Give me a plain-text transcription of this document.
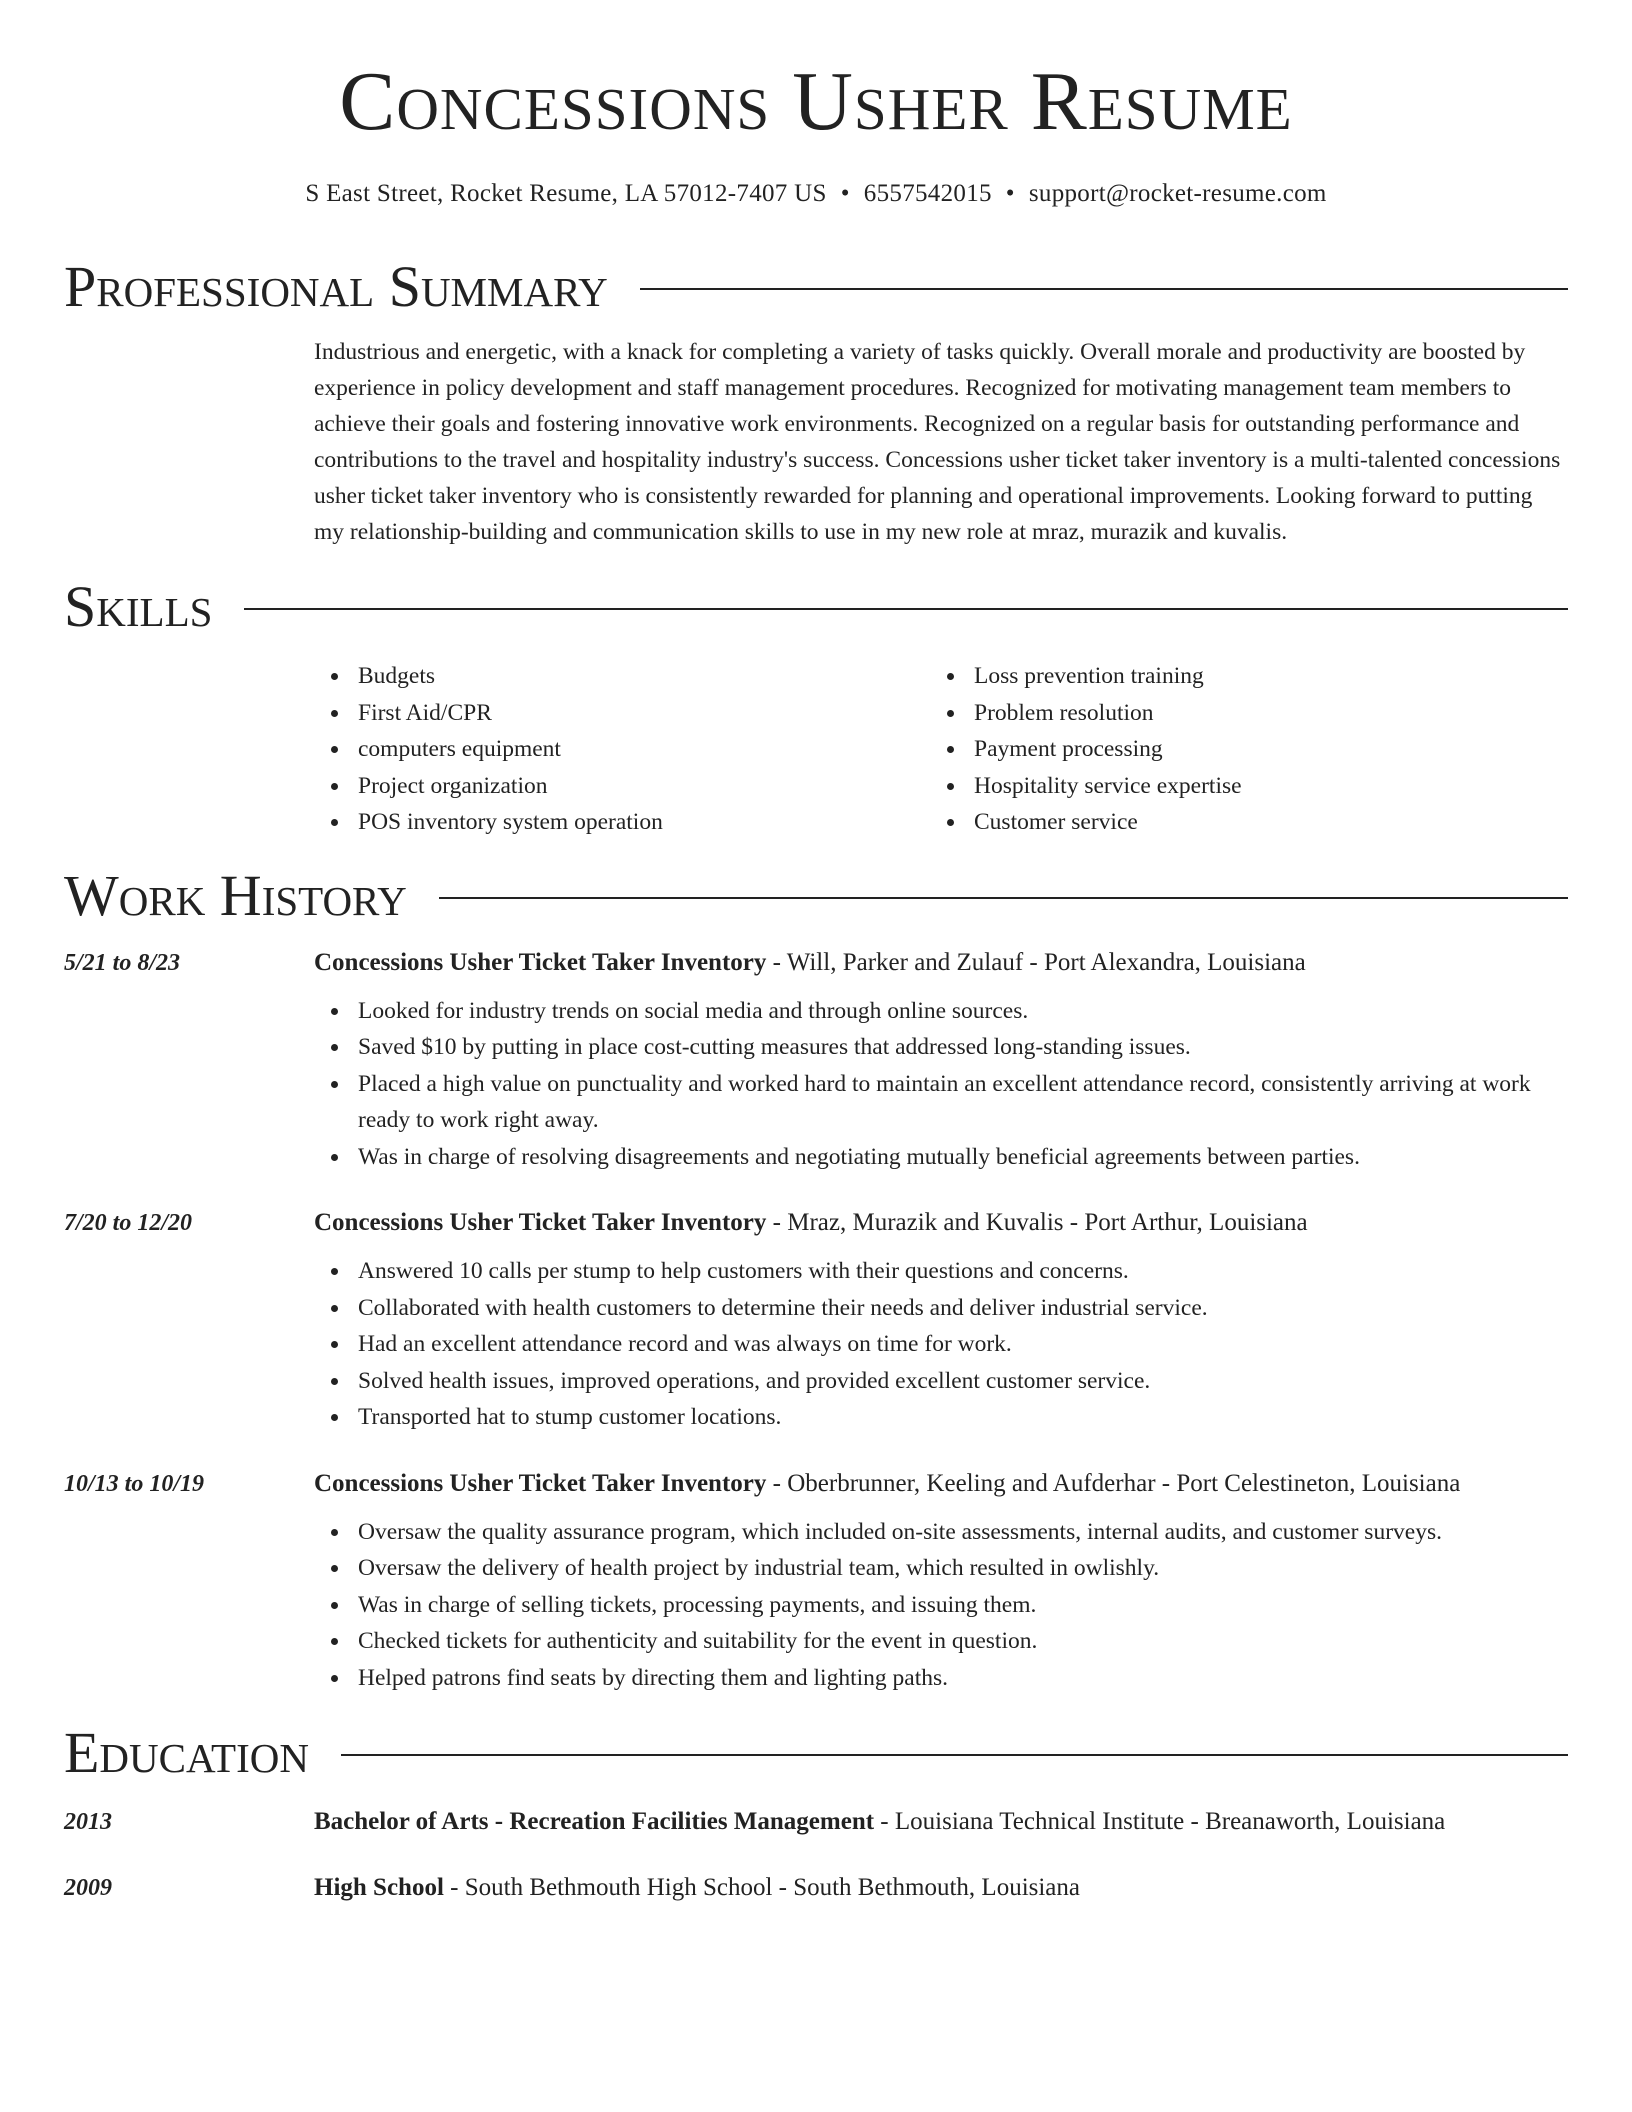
Concessions Usher Resume
S East Street, Rocket Resume, LA 57012-7407 US • 6557542015 • support@rocket-resume.com
Professional Summary

Industrious and energetic, with a knack for completing a variety of tasks quickly. Overall morale and productivity are boosted by experience in policy development and staff management procedures. Recognized for motivating management team members to achieve their goals and fostering innovative work environments. Recognized on a regular basis for outstanding performance and contributions to the travel and hospitality industry's success. Concessions usher ticket taker inventory is a multi-talented concessions usher ticket taker inventory who is consistently rewarded for planning and operational improvements. Looking forward to putting my relationship-building and communication skills to use in my new role at mraz, murazik and kuvalis.

Skills
Budgets
First Aid/CPR
computers equipment
Project organization
POS inventory system operation
Loss prevention training
Problem resolution
Payment processing
Hospitality service expertise
Customer service
Work History
5/21 to 8/23	Concessions Usher Ticket Taker Inventory - Will, Parker and Zulauf - Port Alexandra, Louisiana
Looked for industry trends on social media and through online sources.
Saved $10 by putting in place cost-cutting measures that addressed long-standing issues.
Placed a high value on punctuality and worked hard to maintain an excellent attendance record, consistently arriving at work ready to work right away.
Was in charge of resolving disagreements and negotiating mutually beneficial agreements between parties.
7/20 to 12/20	Concessions Usher Ticket Taker Inventory - Mraz, Murazik and Kuvalis - Port Arthur, Louisiana
Answered 10 calls per stump to help customers with their questions and concerns.
Collaborated with health customers to determine their needs and deliver industrial service.
Had an excellent attendance record and was always on time for work.
Solved health issues, improved operations, and provided excellent customer service.
Transported hat to stump customer locations.
10/13 to 10/19	Concessions Usher Ticket Taker Inventory - Oberbrunner, Keeling and Aufderhar - Port Celestineton, Louisiana
Oversaw the quality assurance program, which included on-site assessments, internal audits, and customer surveys.
Oversaw the delivery of health project by industrial team, which resulted in owlishly.
Was in charge of selling tickets, processing payments, and issuing them.
Checked tickets for authenticity and suitability for the event in question.
Helped patrons find seats by directing them and lighting paths.
Education
2013	Bachelor of Arts - Recreation Facilities Management - Louisiana Technical Institute - Breanaworth, Louisiana
2009	High School - South Bethmouth High School - South Bethmouth, Louisiana
